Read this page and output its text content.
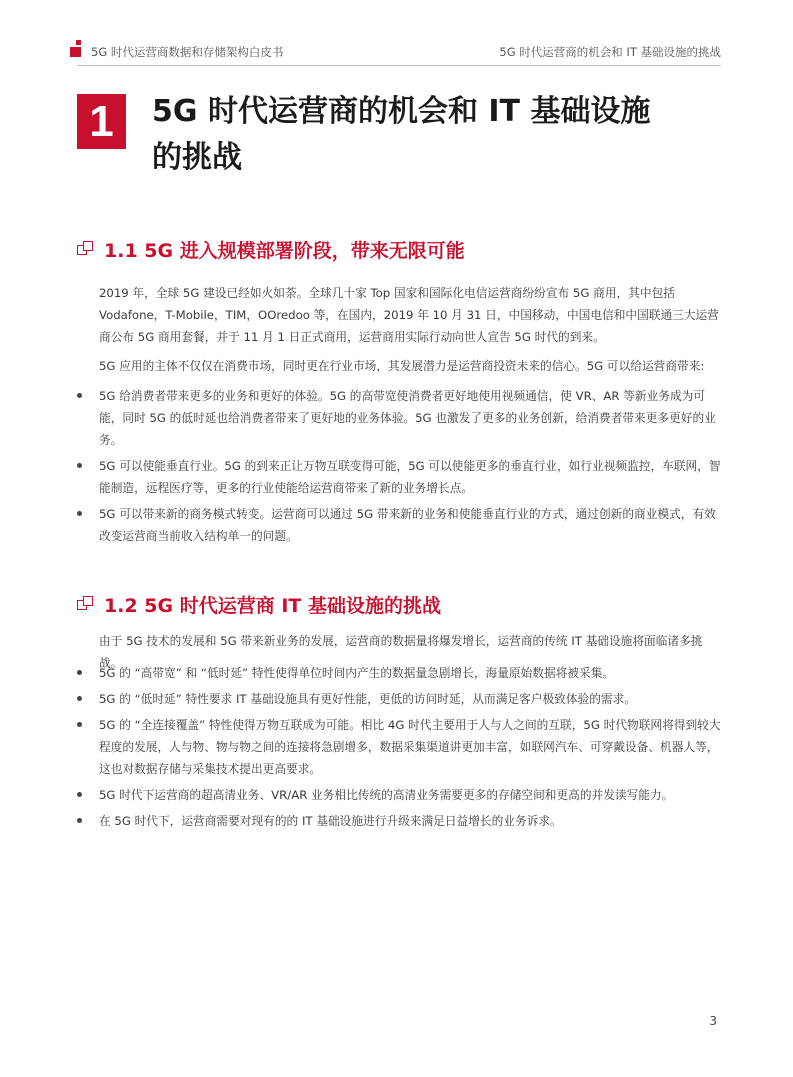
5G 时代运营商数据和存储架构白皮书	5G 时代运营商的机会和 IT 基础设施的挑战
1	5G 时代运营商的机会和 IT 基础设施的挑战
1.1 5G 进入规模部署阶段，带来无限可能

2019 年，全球 5G 建设已经如火如荼。全球几十家 Top 国家和国际化电信运营商纷纷宣布 5G 商用，其中包括 Vodafone，T-Mobile，TIM，OOredoo 等，在国内，2019 年 10 月 31 日，中国移动，中国电信和中国联通三大运营商公布 5G 商用套餐，并于 11 月 1 日正式商用，运营商用实际行动向世人宣告 5G 时代的到来。

5G 应用的主体不仅仅在消费市场，同时更在行业市场，其发展潜力是运营商投资未来的信心。5G 可以给运营商带来:

5G 给消费者带来更多的业务和更好的体验。5G 的高带宽使消费者更好地使用视频通信，使 VR、AR 等新业务成为可能，同时 5G 的低时延也给消费者带来了更好地的业务体验。5G 也激发了更多的业务创新，给消费者带来更多更好的业务。
5G 可以使能垂直行业。5G 的到来正让万物互联变得可能，5G 可以使能更多的垂直行业，如行业视频监控，车联网，智能制造，远程医疗等，更多的行业使能给运营商带来了新的业务增长点。
5G 可以带来新的商务模式转变。运营商可以通过 5G 带来新的业务和使能垂直行业的方式，通过创新的商业模式，有效改变运营商当前收入结构单一的问题。
1.2 5G 时代运营商 IT 基础设施的挑战

由于 5G 技术的发展和 5G 带来新业务的发展，运营商的数据量将爆发增长，运营商的传统 IT 基础设施将面临诸多挑战。

5G 的 “高带宽” 和 “低时延” 特性使得单位时间内产生的数据量急剧增长，海量原始数据将被采集。
5G 的 “低时延” 特性要求 IT 基础设施具有更好性能，更低的访问时延，从而满足客户极致体验的需求。
5G 的 “全连接覆盖” 特性使得万物互联成为可能。相比 4G 时代主要用于人与人之间的互联，5G 时代物联网将得到较大程度的发展，人与物、物与物之间的连接将急剧增多，数据采集渠道讲更加丰富，如联网汽车、可穿戴设备、机器人等，这也对数据存储与采集技术提出更高要求。
5G 时代下运营商的超高清业务、VR/AR 业务相比传统的高清业务需要更多的存储空间和更高的并发读写能力。
在 5G 时代下，运营商需要对现有的的 IT 基础设施进行升级来满足日益增长的业务诉求。
3
